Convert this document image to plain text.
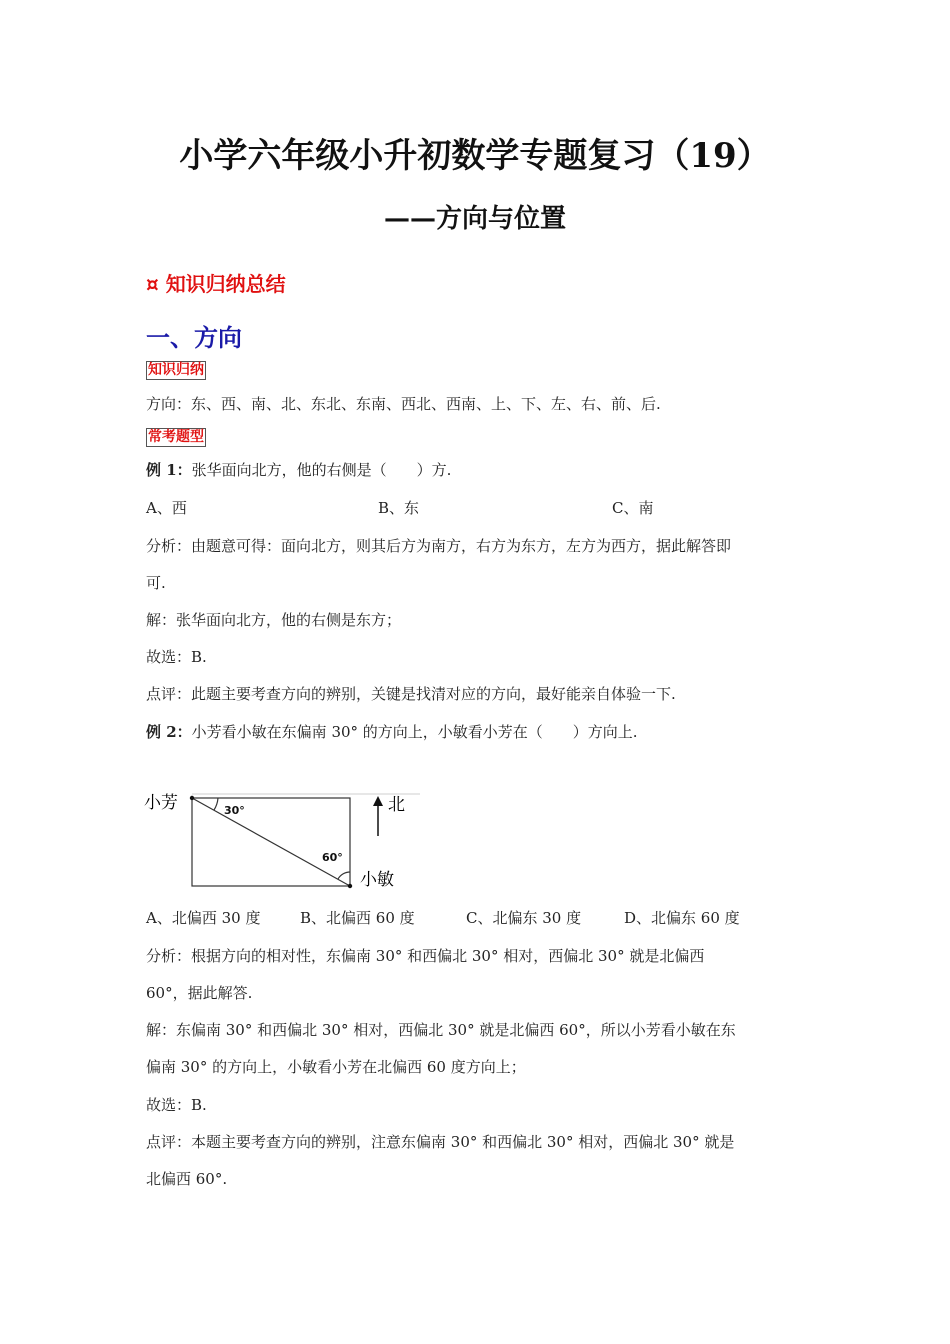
小学六年级小升初数学专题复习（19）
——方向与位置
¤ 知识归纳总结
一、方向
知识归纳
方向：东、西、南、北、东北、东南、西北、西南、上、下、左、右、前、后.
常考题型
例 1：张华面向北方，他的右侧是（　　）方.
A、西	B、东	C、南
分析：由题意可得：面向北方，则其后方为南方，右方为东方，左方为西方，据此解答即
可.
解：张华面向北方，他的右侧是东方；
故选：B.
点评：此题主要考查方向的辨别，关键是找清对应的方向，最好能亲自体验一下.
例 2：小芳看小敏在东偏南 30° 的方向上，小敏看小芳在（　　）方向上.
小芳
小敏
北
30°
60°
A、北偏西 30 度	B、北偏西 60 度	C、北偏东 30 度	D、北偏东 60 度
分析：根据方向的相对性，东偏南 30° 和西偏北 30° 相对，西偏北 30° 就是北偏西
60°，据此解答.
解：东偏南 30° 和西偏北 30° 相对，西偏北 30° 就是北偏西 60°，所以小芳看小敏在东
偏南 30° 的方向上，小敏看小芳在北偏西 60 度方向上；
故选：B.
点评：本题主要考查方向的辨别，注意东偏南 30° 和西偏北 30° 相对，西偏北 30° 就是
北偏西 60°.
